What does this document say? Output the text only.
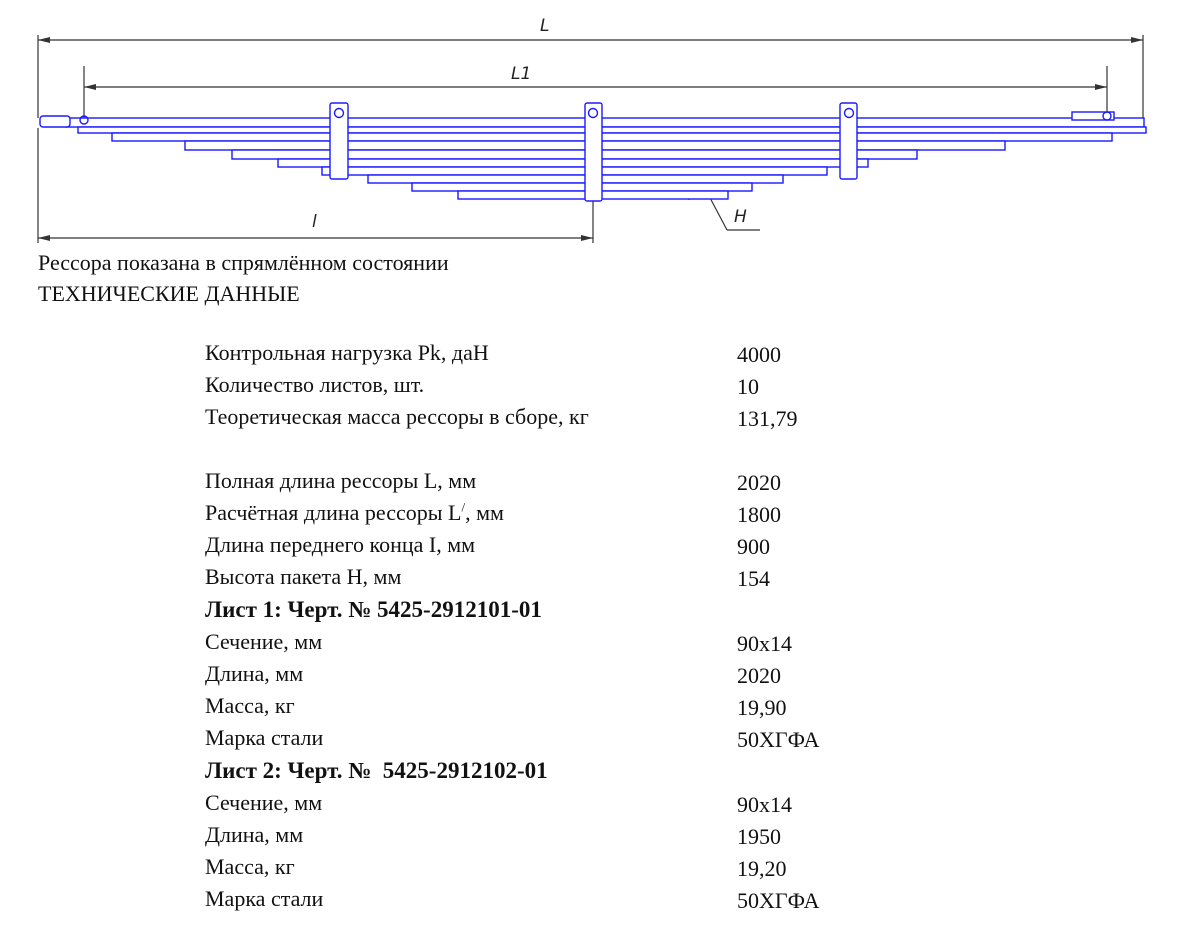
L
L1
l	H
Рессора показана в спрямлённом состоянии
ТЕХНИЧЕСКИЕ ДАННЫЕ
Контрольная нагрузка Pk, даН	4000
Количество листов, шт.	10
Теоретическая масса рессоры в сборе, кг	131,79
Полная длина рессоры L, мм	2020
Расчётная длина рессоры L/, мм	1800
Длина переднего конца I, мм	900
Высота пакета H, мм	154
Лист 1: Черт. № 5425-2912101-01
Сечение, мм	90x14
Длина, мм	2020
Масса, кг	19,90
Марка стали	50ХГФА
Лист 2: Черт. №  5425-2912102-01
Сечение, мм	90x14
Длина, мм	1950
Масса, кг	19,20
Марка стали	50ХГФА
